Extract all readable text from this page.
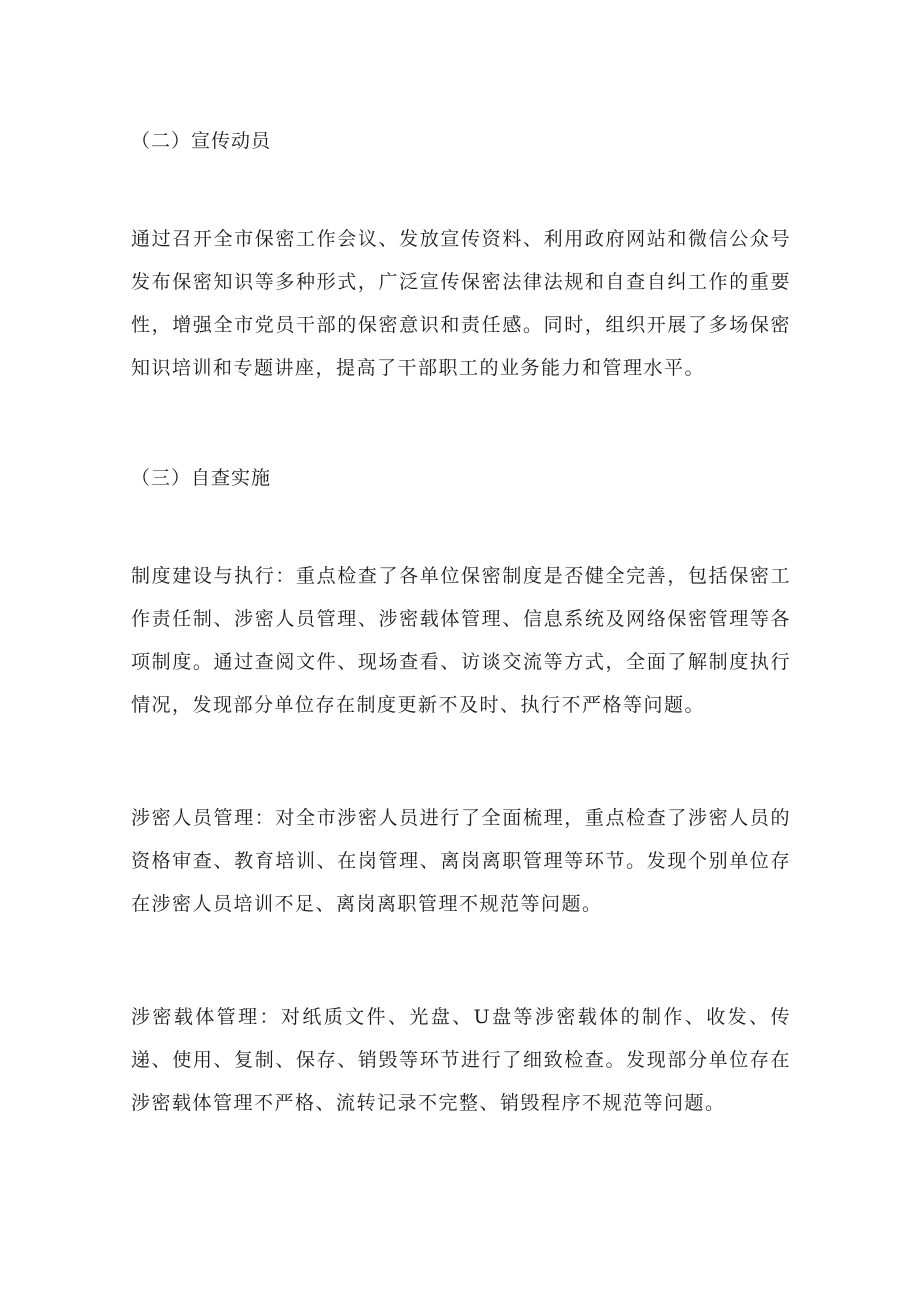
（二）宣传动员

通过召开全市保密工作会议、发放宣传资料、利用政府网站和微信公众号发布保密知识等多种形式，广泛宣传保密法律法规和自查自纠工作的重要性，增强全市党员干部的保密意识和责任感。同时，组织开展了多场保密知识培训和专题讲座，提高了干部职工的业务能力和管理水平。

（三）自查实施

制度建设与执行：重点检查了各单位保密制度是否健全完善，包括保密工作责任制、涉密人员管理、涉密载体管理、信息系统及网络保密管理等各项制度。通过查阅文件、现场查看、访谈交流等方式，全面了解制度执行情况，发现部分单位存在制度更新不及时、执行不严格等问题。

涉密人员管理：对全市涉密人员进行了全面梳理，重点检查了涉密人员的资格审查、教育培训、在岗管理、离岗离职管理等环节。发现个别单位存在涉密人员培训不足、离岗离职管理不规范等问题。

涉密载体管理：对纸质文件、光盘、U盘等涉密载体的制作、收发、传递、使用、复制、保存、销毁等环节进行了细致检查。发现部分单位存在涉密载体管理不严格、流转记录不完整、销毁程序不规范等问题。
